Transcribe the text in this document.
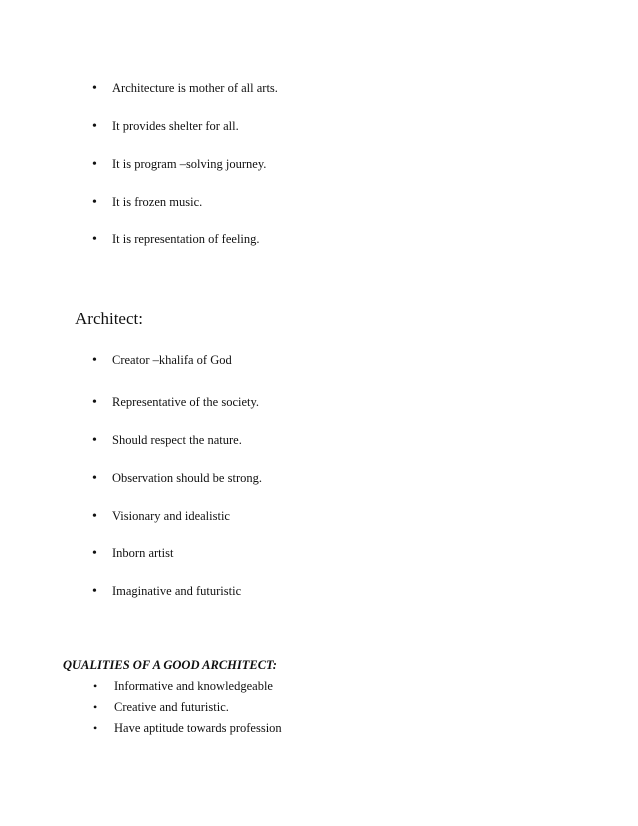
• Architecture is mother of all arts.
• It provides shelter for all.
• It is program –solving journey.
• It is frozen music.
• It is representation of feeling.
Architect:
• Creator –khalifa of God
• Representative of the society.
• Should respect the nature.
• Observation should be strong.
• Visionary and idealistic
• Inborn artist
• Imaginative and futuristic
QUALITIES OF A GOOD ARCHITECT:
• Informative and knowledgeable
• Creative and futuristic.
• Have aptitude towards profession
